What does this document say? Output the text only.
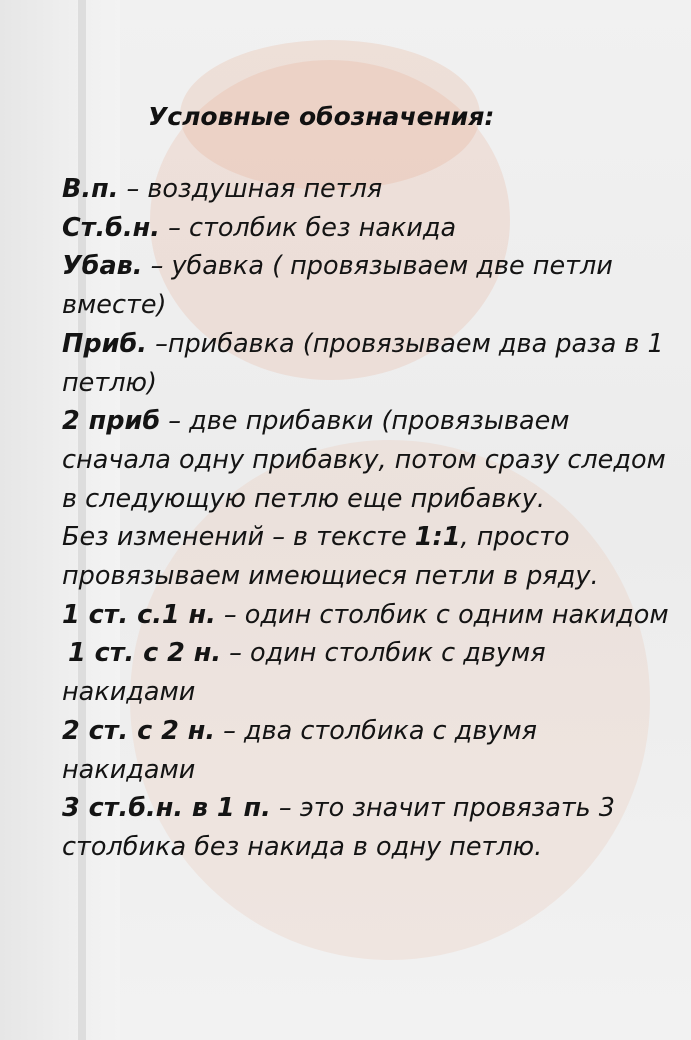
Условные обозначения:
В.п. – воздушная петля
Ст.б.н. – столбик без накида
Убав. – убавка ( провязываем две петли вместе)
Приб. –прибавка (провязываем два раза в 1 петлю)
2 приб – две прибавки (провязываем сначала одну прибавку, потом сразу следом в следующую петлю еще прибавку.
Без изменений – в тексте 1:1, просто провязываем имеющиеся петли в ряду.
1 ст. с.1 н. – один столбик с одним накидом
1 ст. с 2 н. – один столбик с двумя накидами
2 ст. с 2 н. – два столбика с двумя накидами
3 ст.б.н. в 1 п. – это значит провязать 3 столбика без накида в одну петлю.
